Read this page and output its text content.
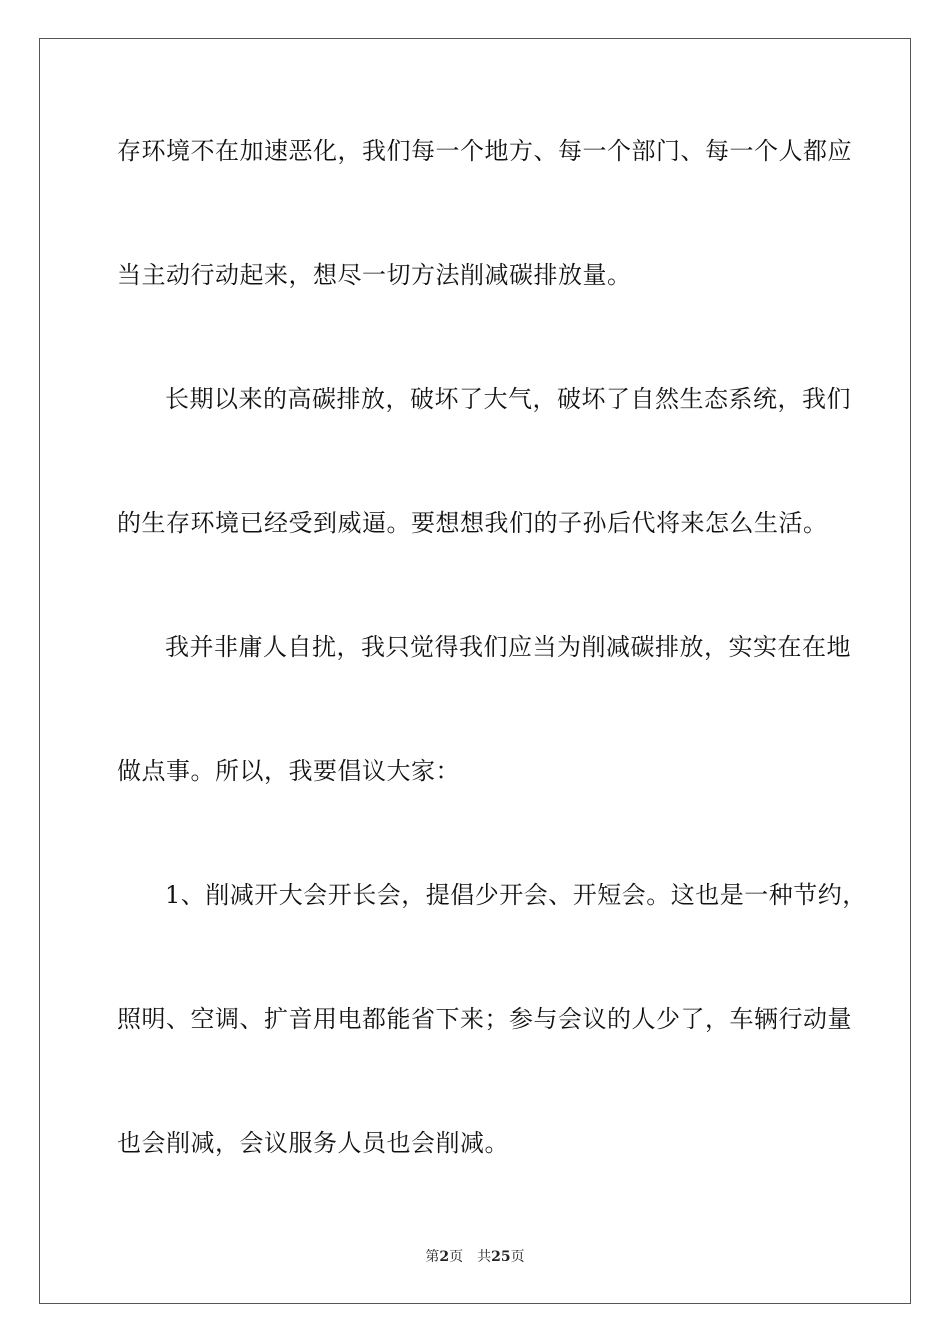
存环境不在加速恶化，我们每一个地方、每一个部门、每一个人都应
当主动行动起来，想尽一切方法削减碳排放量。
长期以来的高碳排放，破坏了大气，破坏了自然生态系统，我们
的生存环境已经受到威逼。要想想我们的子孙后代将来怎么生活。
我并非庸人自扰，我只觉得我们应当为削减碳排放，实实在在地
做点事。所以，我要倡议大家：
1、削减开大会开长会，提倡少开会、开短会。这也是一种节约，
照明、空调、扩音用电都能省下来；参与会议的人少了，车辆行动量
也会削减，会议服务人员也会削减。
第2页 共25页
